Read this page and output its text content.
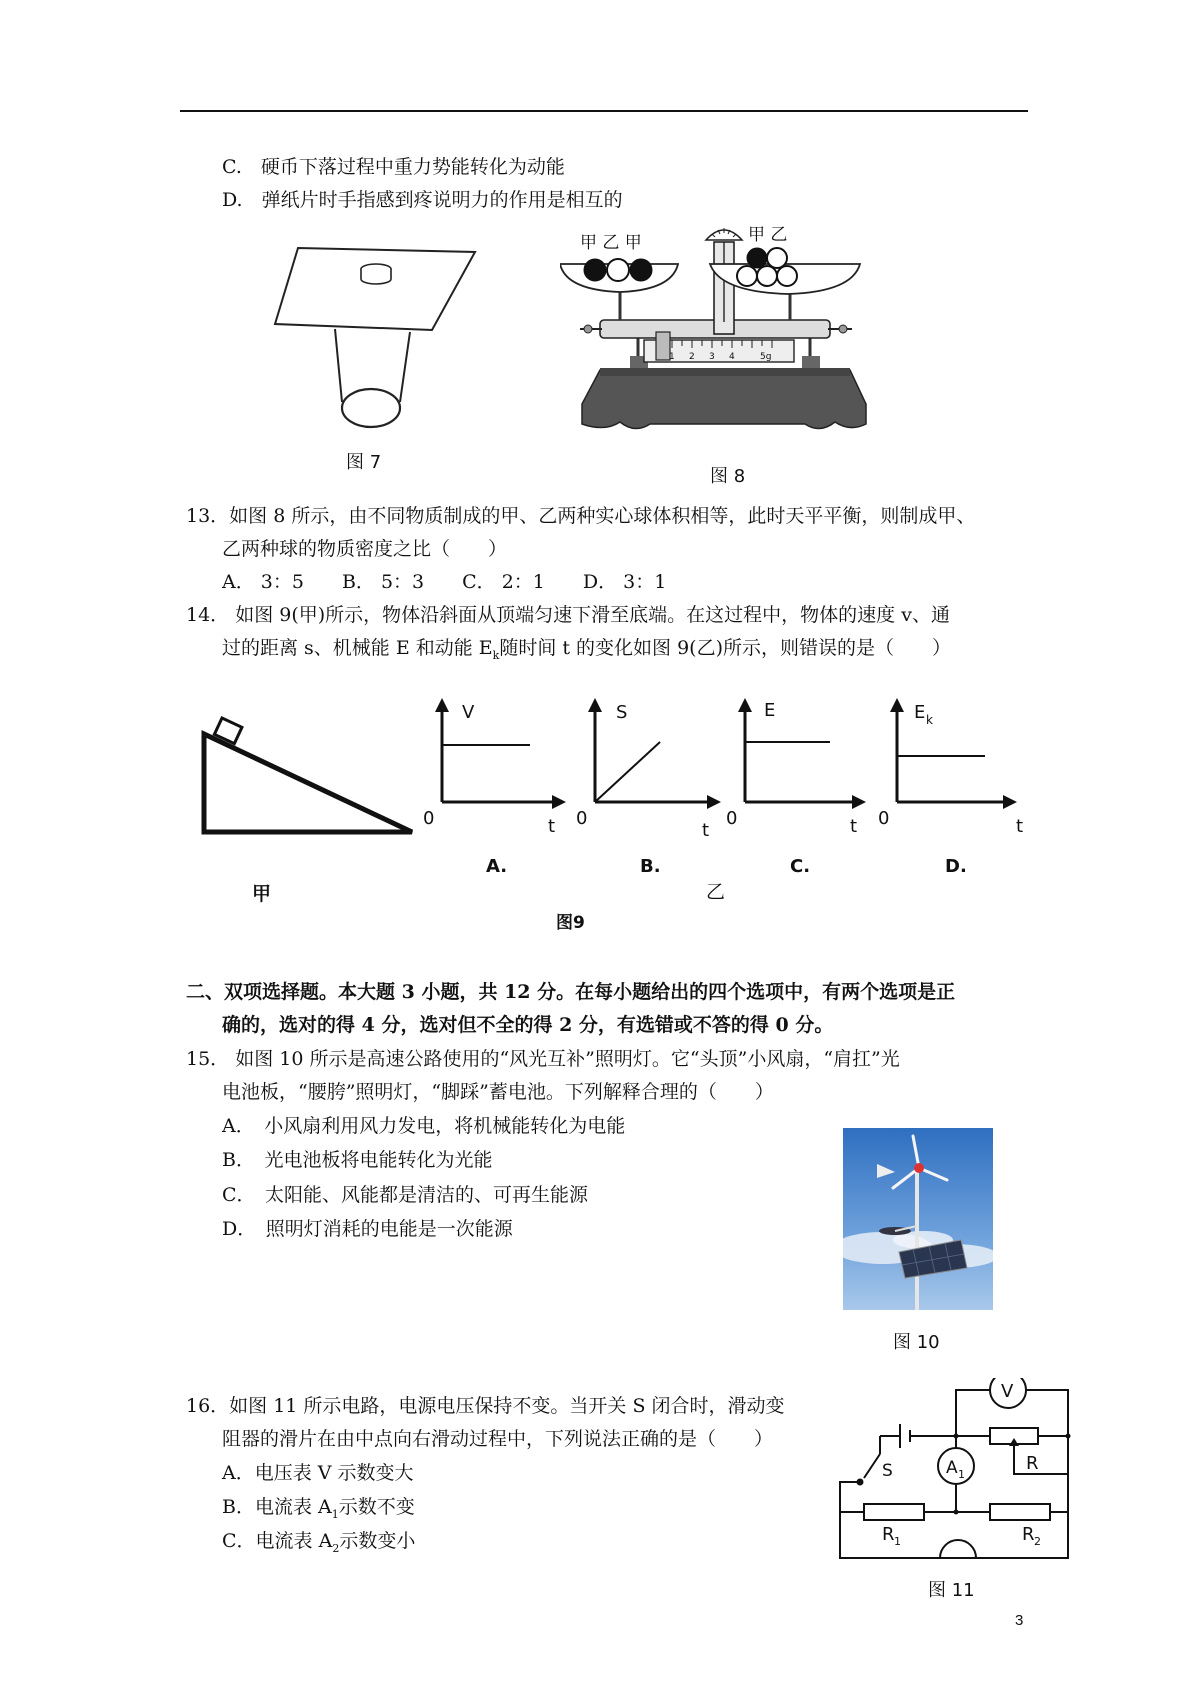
C.　硬币下落过程中重力势能转化为动能
D.　弹纸片时手指感到疼说明力的作用是相互的
图 7
1 2 3 4	5g
甲 乙 甲	甲 乙
图 8
13．如图 8 所示，由不同物质制成的甲、乙两种实心球体积相等，此时天平平衡，则制成甲、
乙两种球的物质密度之比（　　）
A． 3：5　　B． 5：3　　C． 2：1　　D． 3：1
14． 如图 9(甲)所示，物体沿斜面从顶端匀速下滑至底端。在这过程中，物体的速度 v、通
过的距离 s、机械能 E 和动能 $E_k$随时间 t 的变化如图 9(乙)所示，则错误的是（　　）
甲
V
0	t
A.
S
0
t
B.
E
0	t
C.
E k
0	t
D.
乙
图9
二、双项选择题。本大题 3 小题，共 12 分。在每小题给出的四个选项中，有两个选项是正
确的，选对的得 4 分，选对但不全的得 2 分，有选错或不答的得 0 分。
15． 如图 10 所示是高速公路使用的“风光互补”照明灯。它“头顶”小风扇，“肩扛”光
电池板，“腰胯”照明灯，“脚踩”蓄电池。下列解释合理的（　　）
A．　小风扇利用风力发电，将机械能转化为电能
B．　光电池板将电能转化为光能
C．　太阳能、风能都是清洁的、可再生能源
D．　照明灯消耗的电能是一次能源
图 10
16．如图 11 所示电路，电源电压保持不变。当开关 S 闭合时，滑动变
阻器的滑片在由中点向右滑动过程中，下列说法正确的是（　　）
A．电压表 V 示数变大
B．电流表 $A_1$示数不变
C．电流表 $A_2$示数变小
V
R
A 1
S
R 1	R 2
图 11
3
